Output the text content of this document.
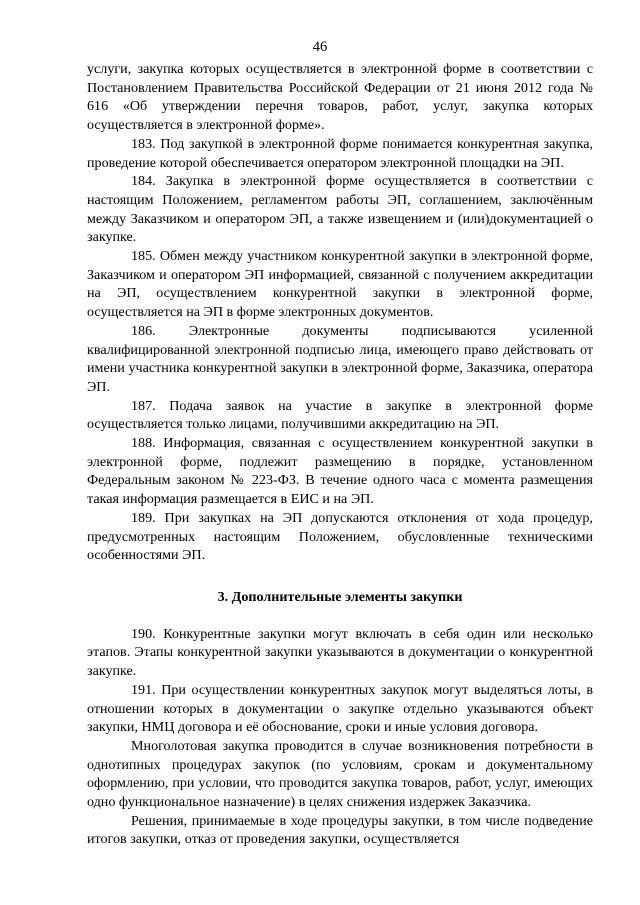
46

услуги, закупка которых осуществляется в электронной форме в соответствии с Постановлением Правительства Российской Федерации от 21 июня 2012 года № 616 «Об утверждении перечня товаров, работ, услуг, закупка которых осуществляется в электронной форме».

183. Под закупкой в электронной форме понимается конкурентная закупка, проведение которой обеспечивается оператором электронной площадки на ЭП.

184. Закупка в электронной форме осуществляется в соответствии с настоящим Положением, регламентом работы ЭП, соглашением, заключённым между Заказчиком и оператором ЭП, а также извещением и (или)документацией о закупке.

185. Обмен между участником конкурентной закупки в электронной форме, Заказчиком и оператором ЭП информацией, связанной с получением аккредитации на ЭП, осуществлением конкурентной закупки в электронной форме, осуществляется на ЭП в форме электронных документов.

186. Электронные документы подписываются усиленной квалифицированной электронной подписью лица, имеющего право действовать от имени участника конкурентной закупки в электронной форме, Заказчика, оператора ЭП.

187. Подача заявок на участие в закупке в электронной форме осуществляется только лицами, получившими аккредитацию на ЭП.

188. Информация, связанная с осуществлением конкурентной закупки в электронной форме, подлежит размещению в порядке, установленном Федеральным законом № 223-ФЗ. В течение одного часа с момента размещения такая информация размещается в ЕИС и на ЭП.

189. При закупках на ЭП допускаются отклонения от хода процедур, предусмотренных настоящим Положением, обусловленные техническими особенностями ЭП.

3. Дополнительные элементы закупки

190. Конкурентные закупки могут включать в себя один или несколько этапов. Этапы конкурентной закупки указываются в документации о конкурентной закупке.

191. При осуществлении конкурентных закупок могут выделяться лоты, в отношении которых в документации о закупке отдельно указываются объект закупки, НМЦ договора и её обоснование, сроки и иные условия договора.

Многолотовая закупка проводится в случае возникновения потребности в однотипных процедурах закупок (по условиям, срокам и документальному оформлению, при условии, что проводится закупка товаров, работ, услуг, имеющих одно функциональное назначение) в целях снижения издержек Заказчика.

Решения, принимаемые в ходе процедуры закупки, в том числе подведение итогов закупки, отказ от проведения закупки, осуществляется
